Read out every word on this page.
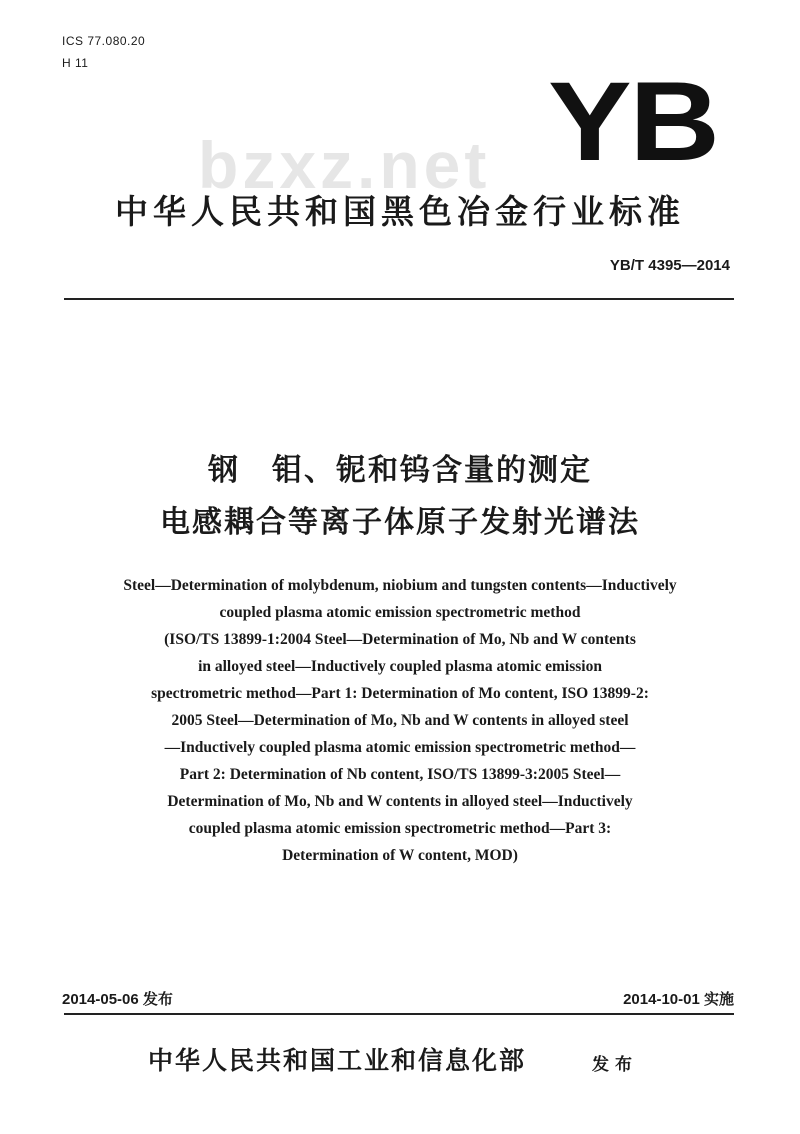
ICS 77.080.20
H 11
bzxz.net YB
中华人民共和国黑色冶金行业标准
YB/T 4395—2014
钢　钼、铌和钨含量的测定
电感耦合等离子体原子发射光谱法
Steel—Determination of molybdenum, niobium and tungsten contents—Inductively
coupled plasma atomic emission spectrometric method
(ISO/TS 13899-1:2004 Steel—Determination of Mo, Nb and W contents
in alloyed steel—Inductively coupled plasma atomic emission
spectrometric method—Part 1: Determination of Mo content, ISO 13899-2:
2005 Steel—Determination of Mo, Nb and W contents in alloyed steel
—Inductively coupled plasma atomic emission spectrometric method—
Part 2: Determination of Nb content, ISO/TS 13899-3:2005 Steel—
Determination of Mo, Nb and W contents in alloyed steel—Inductively
coupled plasma atomic emission spectrometric method—Part 3:
Determination of W content, MOD)
2014-05-06 发布	2014-10-01 实施
中华人民共和国工业和信息化部	发布
